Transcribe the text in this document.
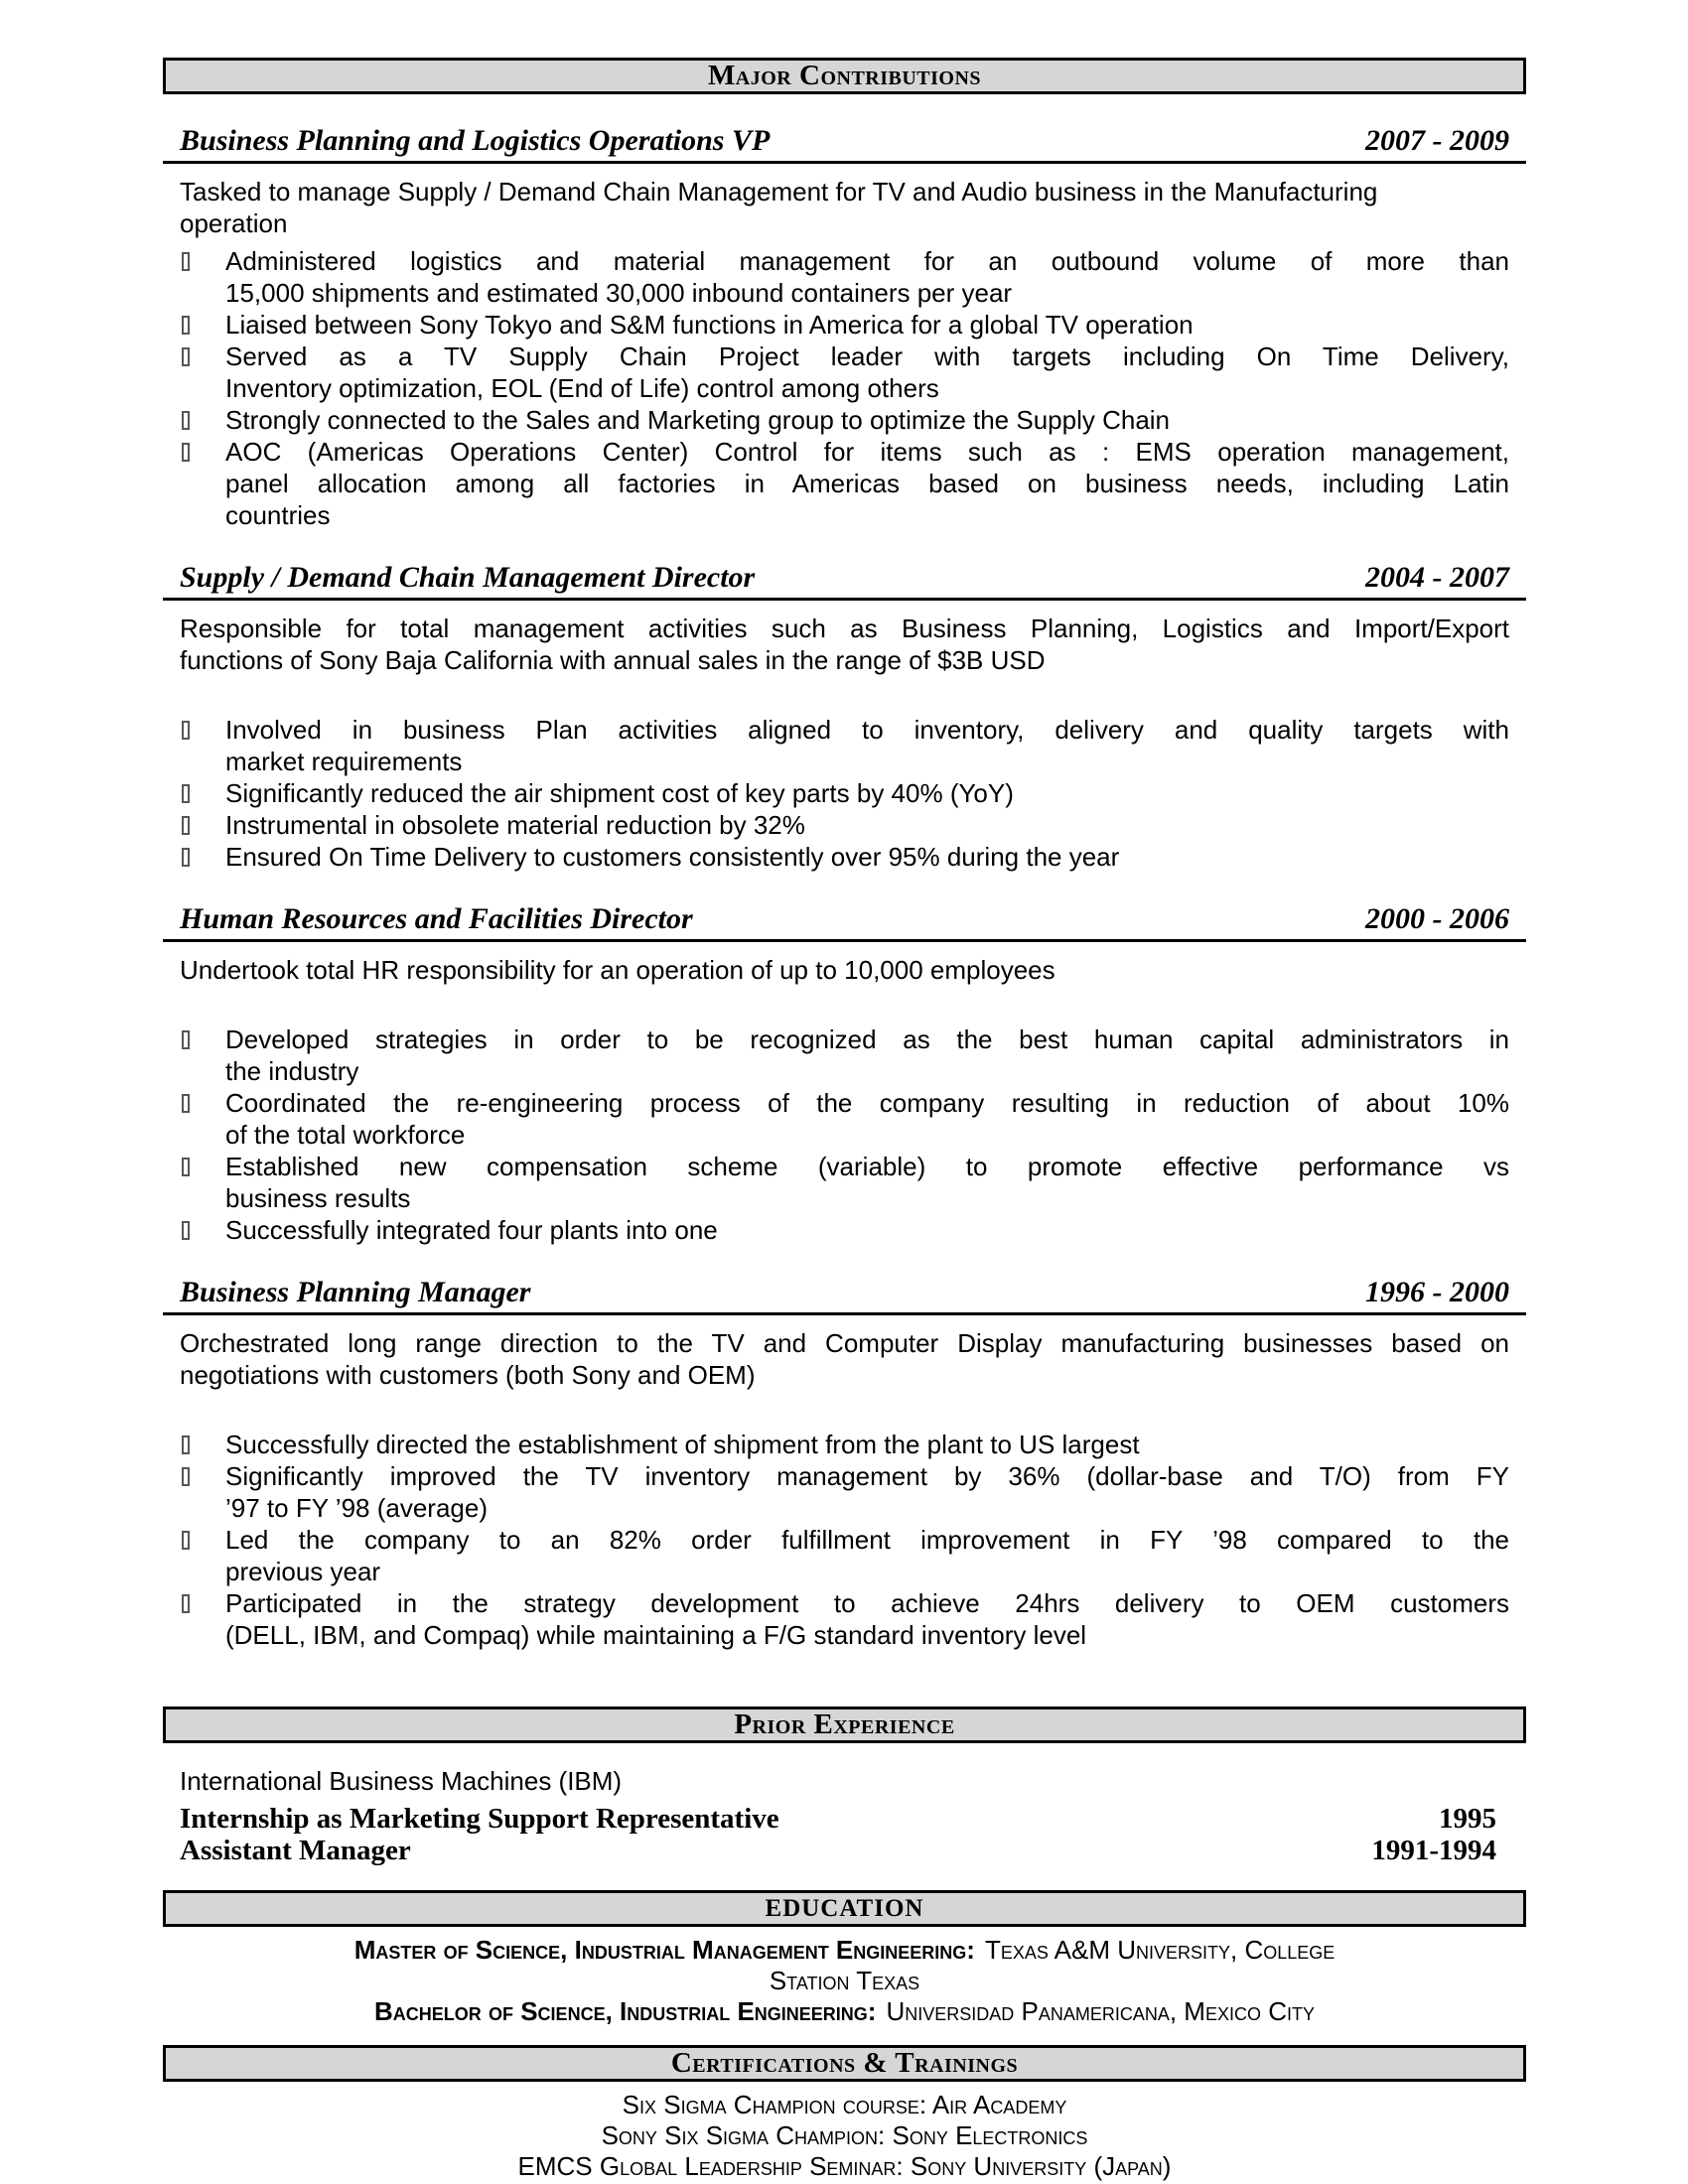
Major Contributions
Business Planning and Logistics Operations VP	2007 - 2009
Tasked to manage Supply / Demand Chain Management for TV and Audio business in the Manufacturing
operation
Administered logistics and material management for an outbound volume of more than
15,000 shipments and estimated 30,000 inbound containers per year
Liaised between Sony Tokyo and S&M functions in America for a global TV operation
Served as a TV Supply Chain Project leader with targets including On Time Delivery,
Inventory optimization, EOL (End of Life) control among others
Strongly connected to the Sales and Marketing group to optimize the Supply Chain
AOC (Americas Operations Center) Control for items such as : EMS operation management,
panel allocation among all factories in Americas based on business needs, including Latin
countries
Supply / Demand Chain Management Director	2004 - 2007
Responsible for total management activities such as Business Planning, Logistics and Import/Export
functions of Sony Baja California with annual sales in the range of $3B USD
Involved in business Plan activities aligned to inventory, delivery and quality targets with
market requirements
Significantly reduced the air shipment cost of key parts by 40% (YoY)
Instrumental in obsolete material reduction by 32%
Ensured On Time Delivery to customers consistently over 95% during the year
Human Resources and Facilities Director	2000 - 2006
Undertook total HR responsibility for an operation of up to 10,000 employees
Developed strategies in order to be recognized as the best human capital administrators in
the industry
Coordinated the re-engineering process of the company resulting in reduction of about 10%
of the total workforce
Established new compensation scheme (variable) to promote effective performance vs
business results
Successfully integrated four plants into one
Business Planning Manager	1996 - 2000
Orchestrated long range direction to the TV and Computer Display manufacturing businesses based on
negotiations with customers (both Sony and OEM)
Successfully directed the establishment of shipment from the plant to US largest
Significantly improved the TV inventory management by 36% (dollar-base and T/O) from FY
’97 to FY ’98 (average)
Led the company to an 82% order fulfillment improvement in FY ’98 compared to the
previous year
Participated in the strategy development to achieve 24hrs delivery to OEM customers
(DELL, IBM, and Compaq) while maintaining a F/G standard inventory level
Prior Experience
International Business Machines (IBM)
Internship as Marketing Support Representative	1995
Assistant Manager	1991-1994
EDUCATION
Master of Science, Industrial Management Engineering: Texas A&M University, College
Station Texas
Bachelor of Science, Industrial Engineering: Universidad Panamericana, Mexico City
Certifications & Trainings
Six Sigma Champion course: Air Academy
Sony Six Sigma Champion: Sony Electronics
EMCS Global Leadership Seminar: Sony University (Japan)
